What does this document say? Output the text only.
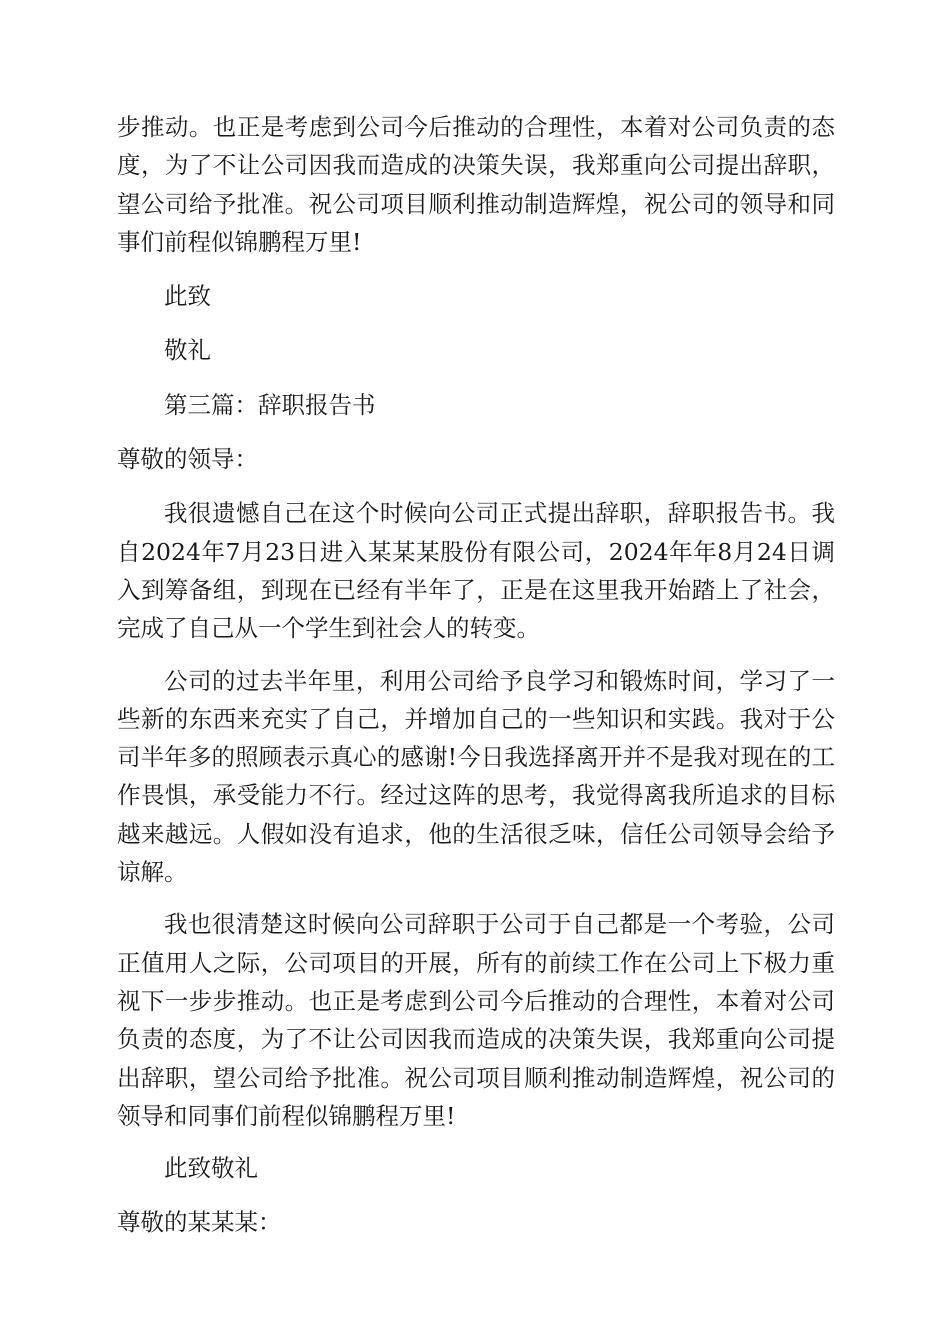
步推动。也正是考虑到公司今后推动的合理性，本着对公司负责的态度，为了不让公司因我而造成的决策失误，我郑重向公司提出辞职，望公司给予批准。祝公司项目顺利推动制造辉煌，祝公司的领导和同事们前程似锦鹏程万里!

此致

敬礼

第三篇：辞职报告书

尊敬的领导：

我很遗憾自己在这个时候向公司正式提出辞职，辞职报告书。我自2024年7月23日进入某某某股份有限公司，2024年年8月24日调入到筹备组，到现在已经有半年了，正是在这里我开始踏上了社会，完成了自己从一个学生到社会人的转变。

公司的过去半年里，利用公司给予良学习和锻炼时间，学习了一些新的东西来充实了自己，并增加自己的一些知识和实践。我对于公司半年多的照顾表示真心的感谢!今日我选择离开并不是我对现在的工作畏惧，承受能力不行。经过这阵的思考，我觉得离我所追求的目标越来越远。人假如没有追求，他的生活很乏味，信任公司领导会给予谅解。

我也很清楚这时候向公司辞职于公司于自己都是一个考验，公司正值用人之际，公司项目的开展，所有的前续工作在公司上下极力重视下一步步推动。也正是考虑到公司今后推动的合理性，本着对公司负责的态度，为了不让公司因我而造成的决策失误，我郑重向公司提出辞职，望公司给予批准。祝公司项目顺利推动制造辉煌，祝公司的领导和同事们前程似锦鹏程万里!

此致敬礼

尊敬的某某某：
